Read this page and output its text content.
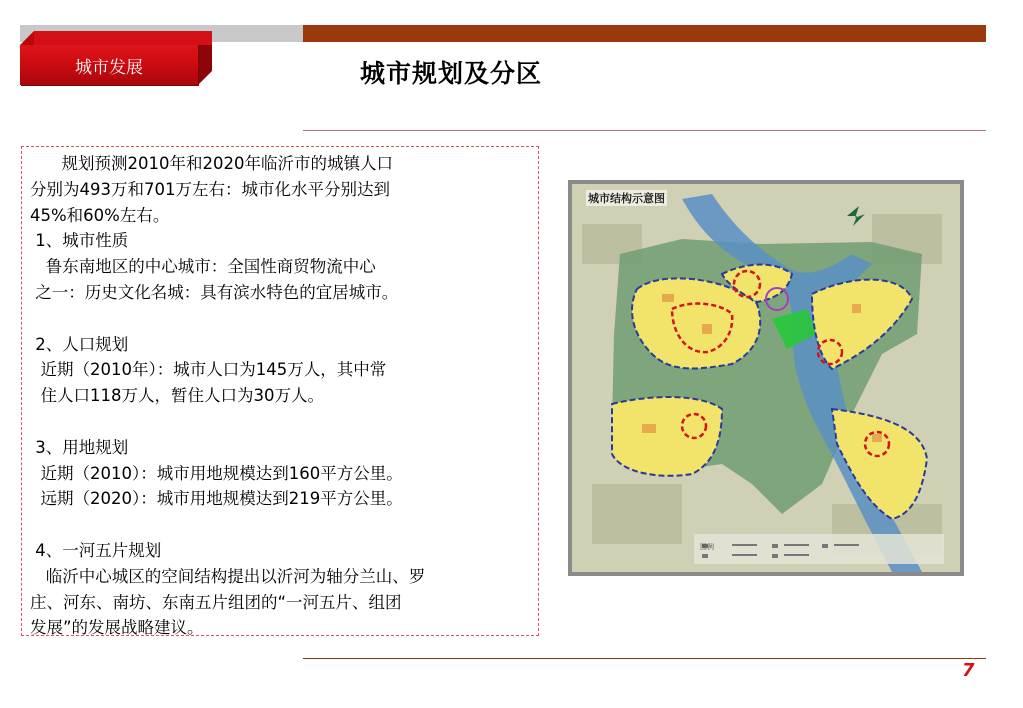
城市发展	城市规划及分区

规划预测2010年和2020年临沂市的城镇人口

分别为493万和701万左右：城市化水平分别达到

45%和60%左右。

1、城市性质

鲁东南地区的中心城市：全国性商贸物流中心

之一：历史文化名城：具有滨水特色的宜居城市。

2、人口规划

近期（2010年）：城市人口为145万人，其中常

住人口118万人，暂住人口为30万人。

3、用地规划

近期（2010）：城市用地规模达到160平方公里。

远期（2020）：城市用地规模达到219平方公里。

4、一河五片规划

临沂中心城区的空间结构提出以沂河为轴分兰山、罗

庄、河东、南坊、东南五片组团的“一河五片、组团

发展”的发展战略建议。

城市结构示意图
图例
7
